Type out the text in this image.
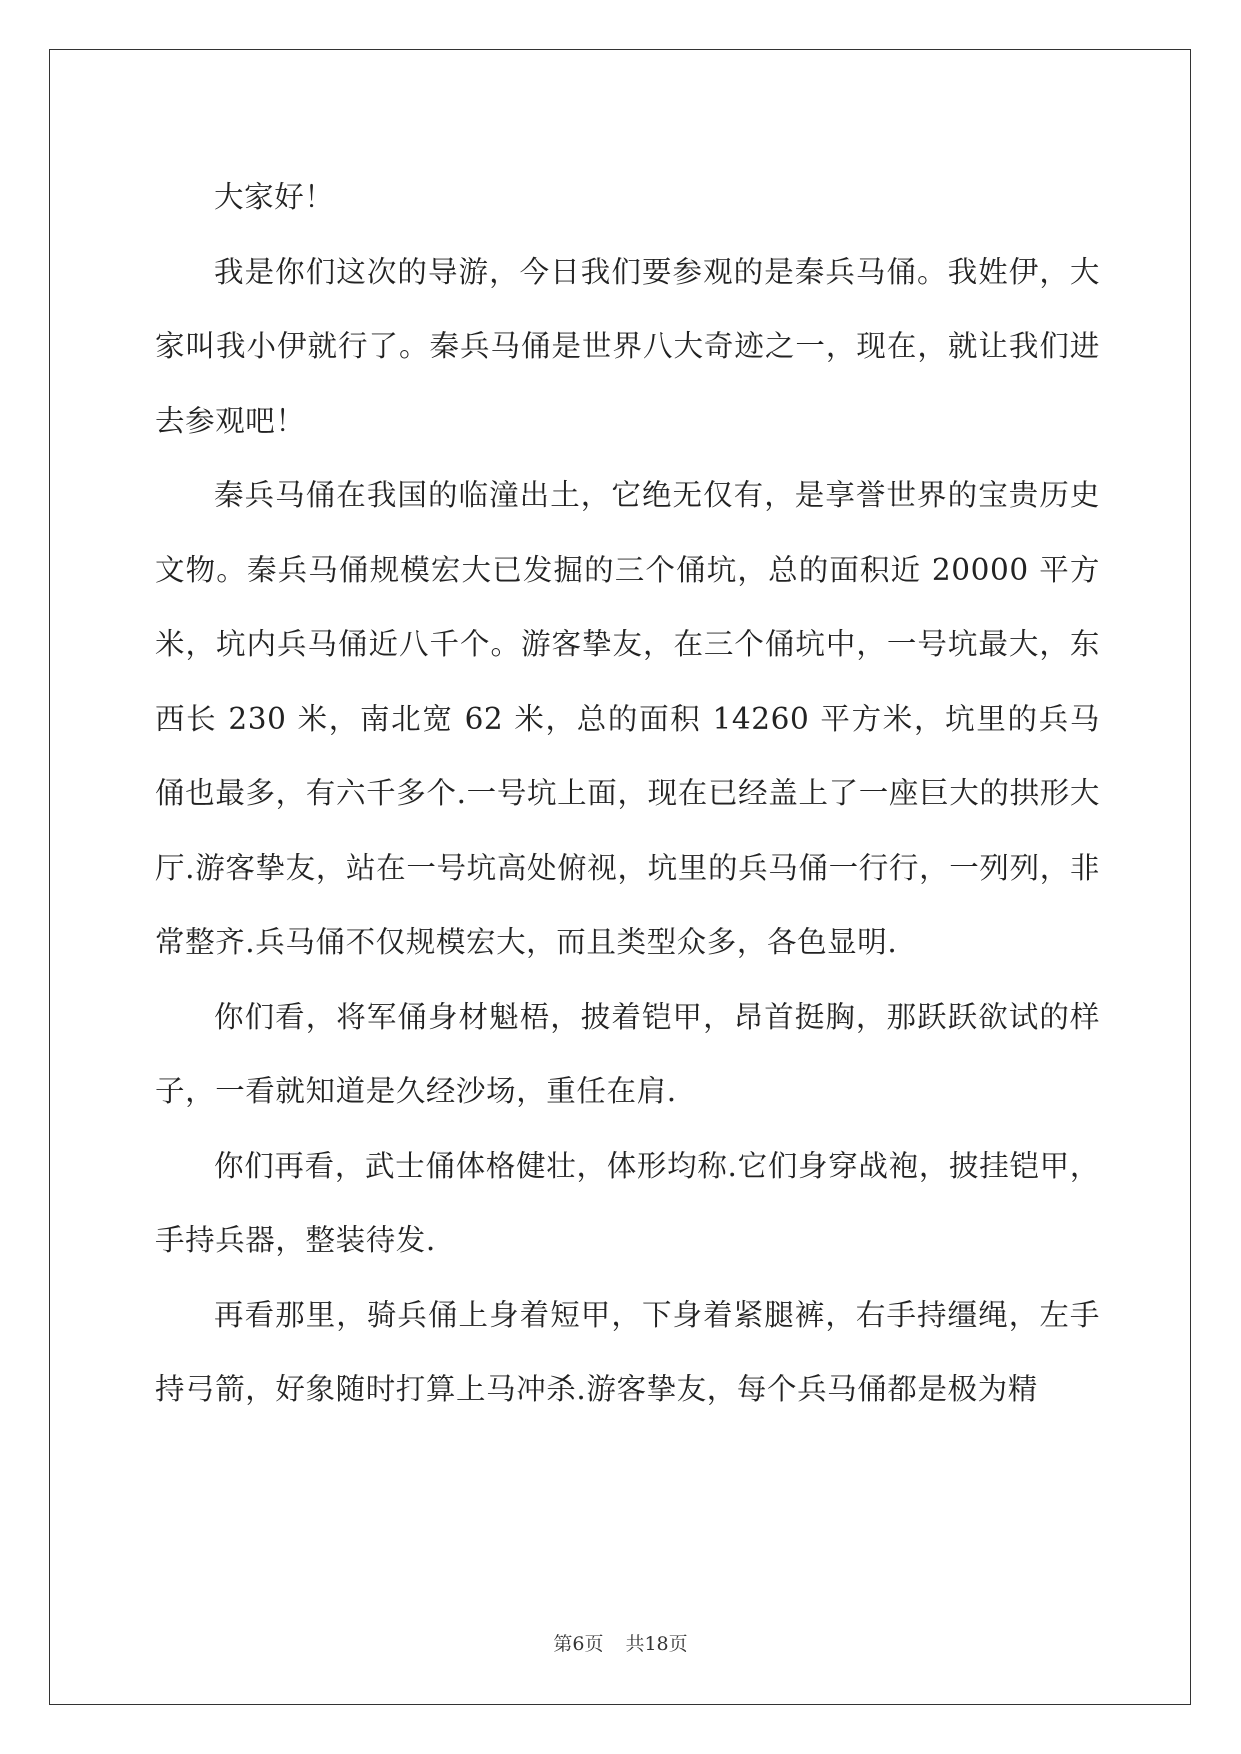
大家好！

我是你们这次的导游，今日我们要参观的是秦兵马俑。我姓伊，大家叫我小伊就行了。秦兵马俑是世界八大奇迹之一，现在，就让我们进去参观吧！

秦兵马俑在我国的临潼出土，它绝无仅有，是享誉世界的宝贵历史文物。秦兵马俑规模宏大已发掘的三个俑坑，总的面积近 20000 平方米，坑内兵马俑近八千个。游客挚友，在三个俑坑中，一号坑最大，东西长 230 米，南北宽 62 米，总的面积 14260 平方米，坑里的兵马俑也最多，有六千多个.一号坑上面，现在已经盖上了一座巨大的拱形大厅.游客挚友，站在一号坑高处俯视，坑里的兵马俑一行行，一列列，非常整齐.兵马俑不仅规模宏大，而且类型众多，各色显明.

你们看，将军俑身材魁梧，披着铠甲，昂首挺胸，那跃跃欲试的样子，一看就知道是久经沙场，重任在肩.

你们再看，武士俑体格健壮，体形均称.它们身穿战袍，披挂铠甲，手持兵器，整装待发.

再看那里，骑兵俑上身着短甲，下身着紧腿裤，右手持缰绳，左手持弓箭，好象随时打算上马冲杀.游客挚友，每个兵马俑都是极为精

第6页 共18页
